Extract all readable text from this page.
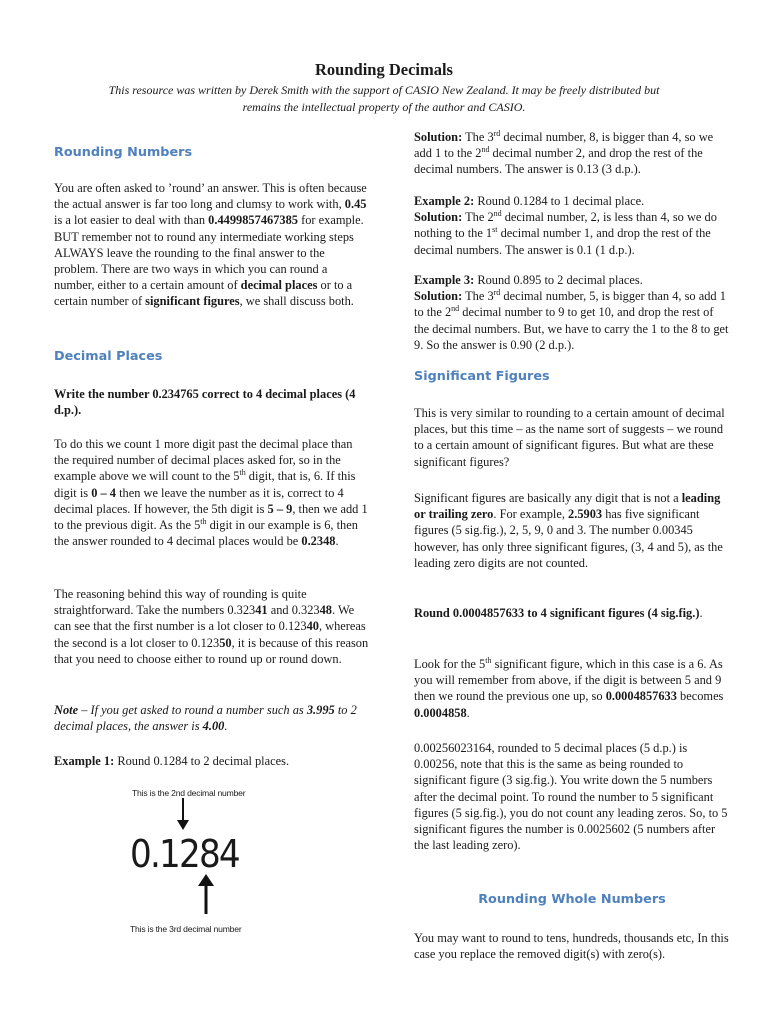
Rounding Decimals
This resource was written by Derek Smith with the support of CASIO New Zealand. It may be freely distributed but
remains the intellectual property of the author and CASIO.
Rounding Numbers

You are often asked to ’round’ an answer. This is often because the actual answer is far too long and clumsy to work with, 0.45 is a lot easier to deal with than 0.4499857467385 for example. BUT remember not to round any intermediate working steps ALWAYS leave the rounding to the final answer to the problem. There are two ways in which you can round a number, either to a certain amount of decimal places or to a certain number of significant figures, we shall discuss both.

Decimal Places

Write the number 0.234765 correct to 4 decimal places (4 d.p.).

To do this we count 1 more digit past the decimal place than the required number of decimal places asked for, so in the example above we will count to the 5th digit, that is, 6. If this digit is 0 – 4 then we leave the number as it is, correct to 4 decimal places. If however, the 5th digit is 5 – 9, then we add 1 to the previous digit. As the 5th digit in our example is 6, then the answer rounded to 4 decimal places would be 0.2348.

The reasoning behind this way of rounding is quite straightforward. Take the numbers 0.32341 and 0.32348. We can see that the first number is a lot closer to 0.12340, whereas the second is a lot closer to 0.12350, it is because of this reason that you need to choose either to round up or round down.

Note – If you get asked to round a number such as 3.995 to 2 decimal places, the answer is 4.00.

Example 1: Round 0.1284 to 2 decimal places.

This is the 2nd decimal number
0.1284
This is the 3rd decimal number

Solution: The 3rd decimal number, 8, is bigger than 4, so we add 1 to the 2nd decimal number 2, and drop the rest of the decimal numbers. The answer is 0.13 (3 d.p.).

Example 2: Round 0.1284 to 1 decimal place.
Solution: The 2nd decimal number, 2, is less than 4, so we do nothing to the 1st decimal number 1, and drop the rest of the decimal numbers. The answer is 0.1 (1 d.p.).

Example 3: Round 0.895 to 2 decimal places.
Solution: The 3rd decimal number, 5, is bigger than 4, so add 1 to the 2nd decimal number to 9 to get 10, and drop the rest of the decimal numbers. But, we have to carry the 1 to the 8 to get 9. So the answer is 0.90 (2 d.p.).

Significant Figures

This is very similar to rounding to a certain amount of decimal places, but this time – as the name sort of suggests – we round to a certain amount of significant figures. But what are these significant figures?

Significant figures are basically any digit that is not a leading or trailing zero. For example, 2.5903 has five significant figures (5 sig.fig.), 2, 5, 9, 0 and 3. The number 0.00345 however, has only three significant figures, (3, 4 and 5), as the leading zero digits are not counted.

Round 0.0004857633 to 4 significant figures (4 sig.fig.).

Look for the 5th significant figure, which in this case is a 6. As you will remember from above, if the digit is between 5 and 9 then we round the previous one up, so 0.0004857633 becomes 0.0004858.

0.00256023164, rounded to 5 decimal places (5 d.p.) is 0.00256, note that this is the same as being rounded to significant figure (3 sig.fig.). You write down the 5 numbers after the decimal point. To round the number to 5 significant figures (5 sig.fig.), you do not count any leading zeros. So, to 5 significant figures the number is 0.0025602 (5 numbers after the last leading zero).

Rounding Whole Numbers

You may want to round to tens, hundreds, thousands etc, In this case you replace the removed digit(s) with zero(s).
